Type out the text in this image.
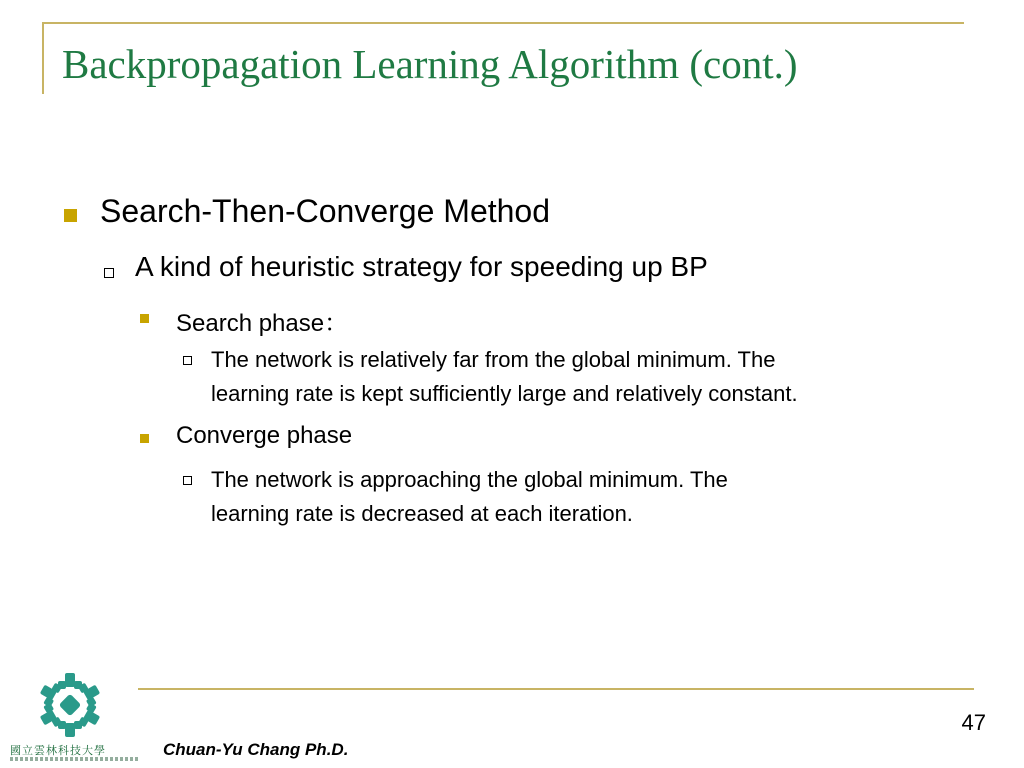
Backpropagation Learning Algorithm (cont.)
Search-Then-Converge Method
A kind of heuristic strategy for speeding up BP
Search phase：
The network is relatively far from the global minimum. The
learning rate is kept sufficiently large and relatively constant.
Converge phase
The network is approaching the global minimum. The
learning rate is decreased at each iteration.
47
Chuan-Yu Chang Ph.D.
國立雲林科技大學
